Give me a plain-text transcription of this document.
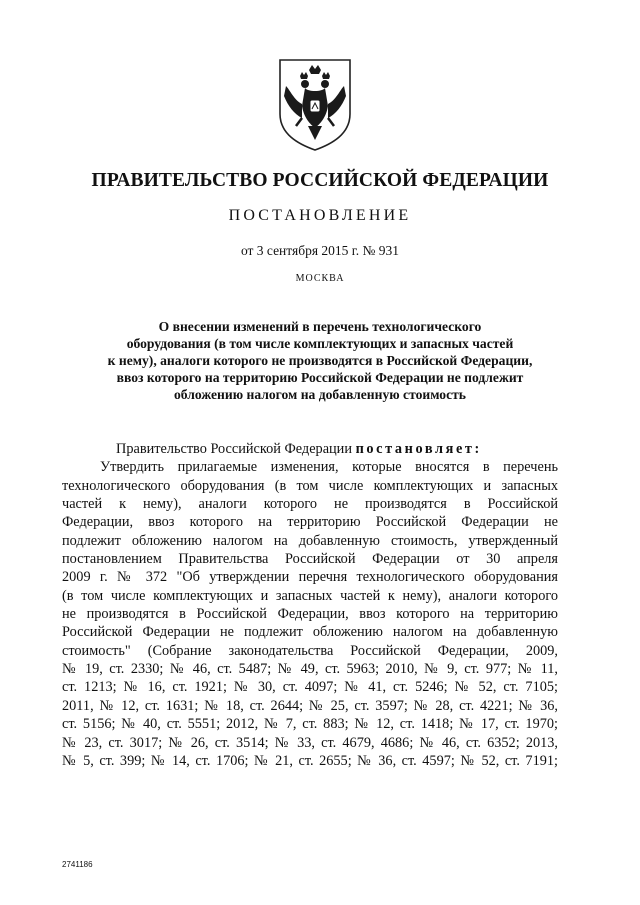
ПРАВИТЕЛЬСТВО РОССИЙСКОЙ ФЕДЕРАЦИИ
ПОСТАНОВЛЕНИЕ
от 3 сентября 2015 г. № 931
МОСКВА
О внесении изменений в перечень технологического
оборудования (в том числе комплектующих и запасных частей
к нему), аналоги которого не производятся в Российской Федерации,
ввоз которого на территорию Российской Федерации не подлежит
обложению налогом на добавленную стоимость
Правительство Российской Федерации постановляет:
Утвердить прилагаемые изменения, которые вносятся в перечень
технологического оборудования (в том числе комплектующих и запасных
частей к нему), аналоги которого не производятся в Российской
Федерации, ввоз которого на территорию Российской Федерации не
подлежит обложению налогом на добавленную стоимость, утвержденный
постановлением Правительства Российской Федерации от 30 апреля
2009 г. № 372 "Об утверждении перечня технологического оборудования
(в том числе комплектующих и запасных частей к нему), аналоги которого
не производятся в Российской Федерации, ввоз которого на территорию
Российской Федерации не подлежит обложению налогом на добавленную
стоимость" (Собрание законодательства Российской Федерации, 2009,
№ 19, ст. 2330; № 46, ст. 5487; № 49, ст. 5963; 2010, № 9, ст. 977; № 11,
ст. 1213; № 16, ст. 1921; № 30, ст. 4097; № 41, ст. 5246; № 52, ст. 7105;
2011, № 12, ст. 1631; № 18, ст. 2644; № 25, ст. 3597; № 28, ст. 4221; № 36,
ст. 5156; № 40, ст. 5551; 2012, № 7, ст. 883; № 12, ст. 1418; № 17, ст. 1970;
№ 23, ст. 3017; № 26, ст. 3514; № 33, ст. 4679, 4686; № 46, ст. 6352; 2013,
№ 5, ст. 399; № 14, ст. 1706; № 21, ст. 2655; № 36, ст. 4597; № 52, ст. 7191;
2741186
